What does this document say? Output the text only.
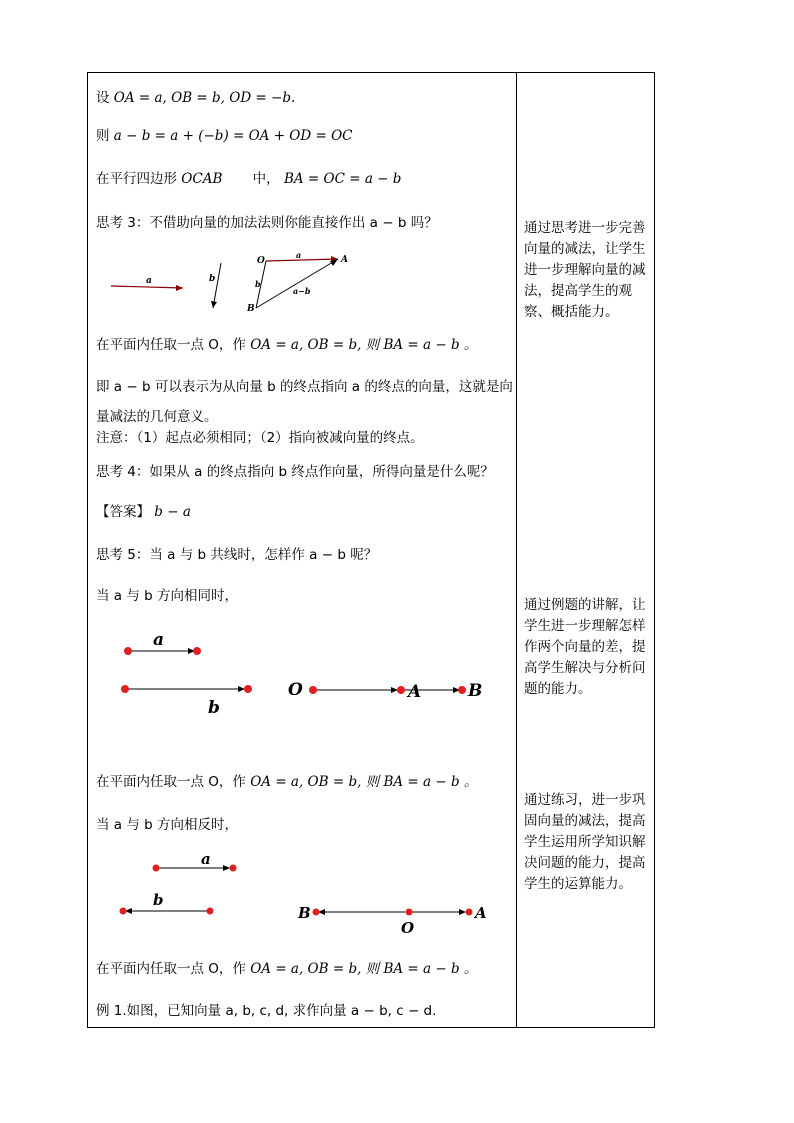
设 OA = a, OB = b, OD = −b.
则 a − b = a + (−b) = OA + OD = OC
在平行四边形 OCAB 中， BA = OC = a − b
思考 3：不借助向量的加法法则你能直接作出 a − b 吗？
a	b
O	A
B
a
b
a−b
在平面内任取一点 O，作 OA = a, OB = b, 则 BA = a − b 。
即 a − b 可以表示为从向量 b 的终点指向 a 的终点的向量，这就是向
量减法的几何意义。
注意：（1）起点必须相同；（2）指向被减向量的终点。
思考 4：如果从 a 的终点指向 b 终点作向量，所得向量是什么呢？
【答案】 b − a
思考 5：当 a 与 b 共线时，怎样作 a − b 呢？
当 a 与 b 方向相同时，
a
b
O	A	B
在平面内任取一点 O，作 OA = a, OB = b, 则 BA = a − b 。
当 a 与 b 方向相反时，
a
b
B
O
A
在平面内任取一点 O，作 OA = a, OB = b, 则 BA = a − b 。
例 1.如图，已知向量 a, b, c, d, 求作向量 a − b, c − d.

通过思考进一步完善向量的减法，让学生进一步理解向量的减法，提高学生的观察、概括能力。

通过例题的讲解，让学生进一步理解怎样作两个向量的差，提高学生解决与分析问题的能力。

通过练习，进一步巩固向量的减法，提高学生运用所学知识解决问题的能力，提高学生的运算能力。
